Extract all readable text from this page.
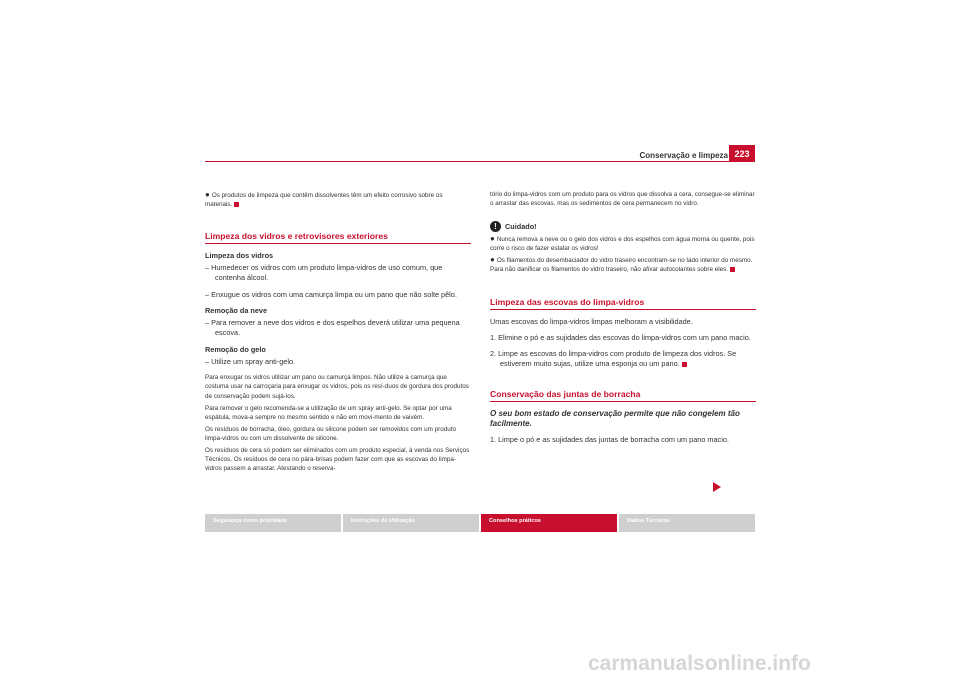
Conservação e limpeza 223

● Os produtos de limpeza que contêm dissolventes têm um efeito corrosivo sobre os materiais.

Limpeza dos vidros e retrovisores exteriores
Limpeza dos vidros

– Humedecer os vidros com um produto limpa-vidros de uso comum, que contenha álcool.

– Enxugue os vidros com uma camurça limpa ou um pano que não solte pêlo.

Remoção da neve

– Para remover a neve dos vidros e dos espelhos deverá utilizar uma pequena escova.

Remoção do gelo

– Utilize um spray anti-gelo.

Para enxugar os vidros utilizar um pano ou camurça limpos. Não utilize a camurça que costuma usar na carroçaria para enxugar os vidros, pois os resí-duos de gordura dos produtos de conservação podem sujá-los.

Para remover o gelo recomenda-se a utilização de um spray anti-gelo. Se optar por uma espátula, mova-a sempre no mesmo sentido e não em movi-mento de vaivém.

Os resíduos de borracha, óleo, gordura ou silicone podem ser removidos com um produto limpa-vidros ou com um dissolvente de silicone.

Os resíduos de cera só podem ser eliminados com um produto especial, à venda nos Serviços Técnicos. Os resíduos de cera no pára-brisas podem fazer com que as escovas do limpa-vidros passem a arrastar. Atestando o reserva-

tório do limpa-vidros com um produto para os vidros que dissolva a cera, consegue-se eliminar o arrastar das escovas, mas os sedimentos de cera permanecem no vidro.

!	Cuidado!

● Nunca remova a neve ou o gelo dos vidros e dos espelhos com água morna ou quente, pois corre o risco de fazer estalar os vidros!

● Os filamentos do desembaciador do vidro traseiro encontram-se no lado interior do mesmo. Para não danificar os filamentos do vidro traseiro, não afixar autocolantes sobre eles.

Limpeza das escovas do limpa-vidros

Umas escovas do limpa-vidros limpas melhoram a visibilidade.

1. Elimine o pó e as sujidades das escovas do limpa-vidros com um pano macio.

2. Limpe as escovas do limpa-vidros com produto de limpeza dos vidros. Se estiverem muito sujas, utilize uma esponja ou um pano.

Conservação das juntas de borracha

O seu bom estado de conservação permite que não congelem tão facilmente.

1. Limpe o pó e as sujidades das juntas de borracha com um pano macio.

Segurança como prioridade	Instruções de Utilização	Conselhos práticos	Dados Técnicos
carmanualsonline.info
